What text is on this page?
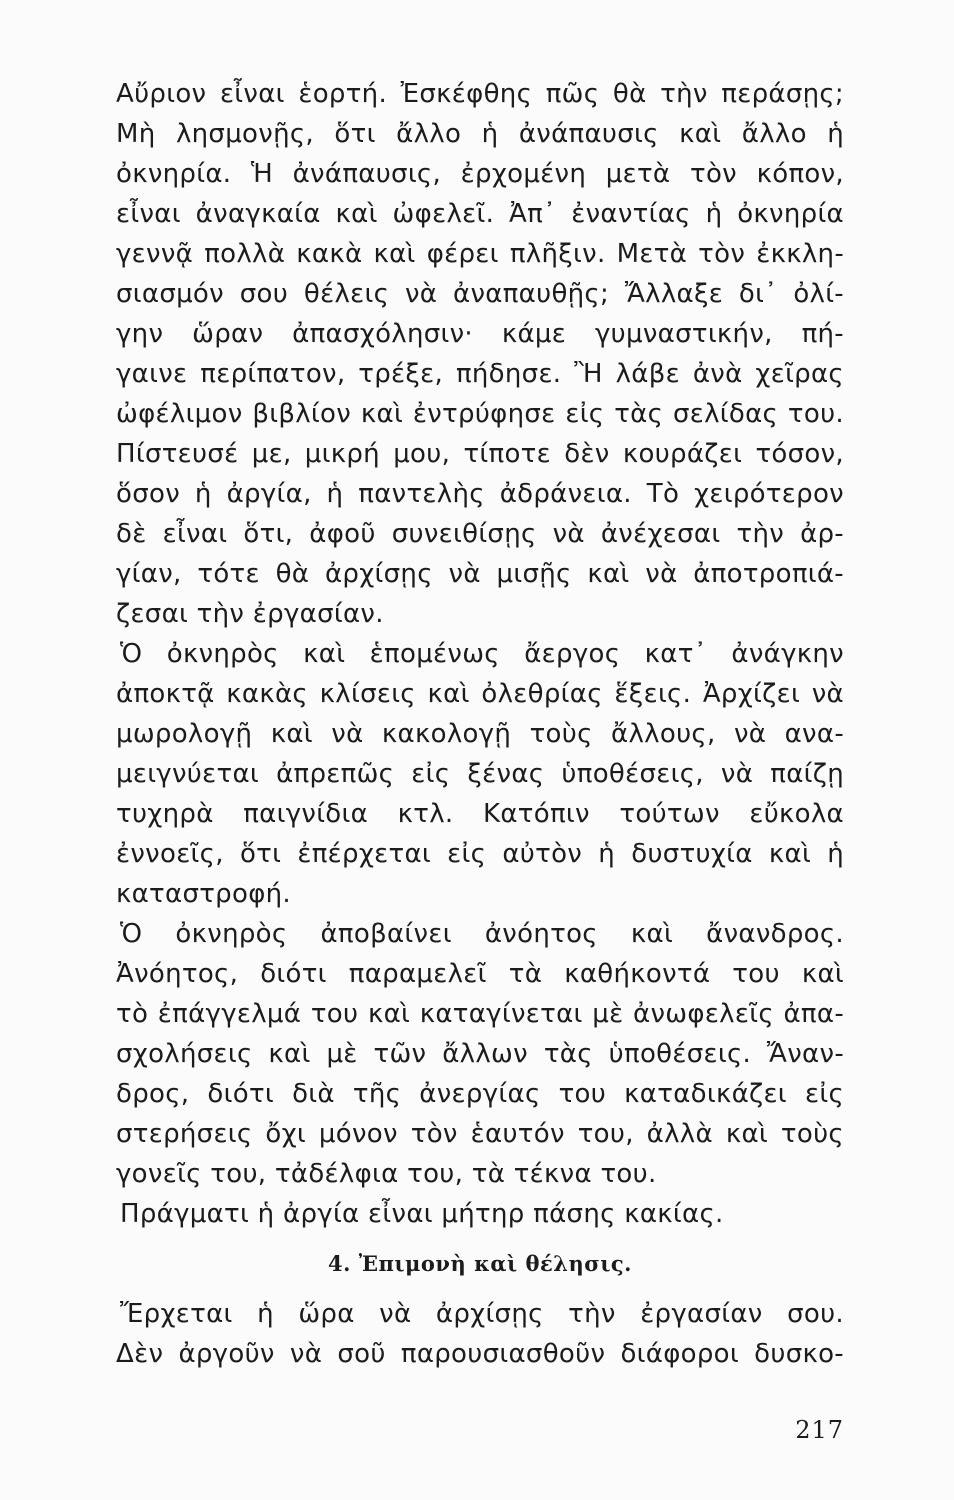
Αὔριον εἶναι ἑορτή. Ἐσκέφθης πῶς θὰ τὴν περάσῃς;
Μὴ λησμονῇς, ὅτι ἄλλο ἡ ἀνάπαυσις καὶ ἄλλο ἡ
ὀκνηρία. Ἡ ἀνάπαυσις, ἐρχομένη μετὰ τὸν κόπον,
εἶναι ἀναγκαία καὶ ὠφελεῖ. Ἀπ᾽ ἐναντίας ἡ ὀκνηρία
γεννᾷ πολλὰ κακὰ καὶ φέρει πλῆξιν. Μετὰ τὸν ἐκκλη-
σιασμόν σου θέλεις νὰ ἀναπαυθῇς; Ἄλλαξε δι᾽ ὀλί-
γην ὥραν ἀπασχόλησιν· κάμε γυμναστικήν, πή-
γαινε περίπατον, τρέξε, πήδησε. Ἢ λάβε ἀνὰ χεῖρας
ὠφέλιμον βιβλίον καὶ ἐντρύφησε εἰς τὰς σελίδας του.
Πίστευσέ με, μικρή μου, τίποτε δὲν κουράζει τόσον,
ὅσον ἡ ἀργία, ἡ παντελὴς ἀδράνεια. Τὸ χειρότερον
δὲ εἶναι ὅτι, ἀφοῦ συνειθίσῃς νὰ ἀνέχεσαι τὴν ἀρ-
γίαν, τότε θὰ ἀρχίσῃς νὰ μισῇς καὶ νὰ ἀποτροπιά-
ζεσαι τὴν ἐργασίαν.
Ὁ ὀκνηρὸς καὶ ἑπομένως ἄεργος κατ᾽ ἀνάγκην
ἀποκτᾷ κακὰς κλίσεις καὶ ὀλεθρίας ἕξεις. Ἀρχίζει νὰ
μωρολογῇ καὶ νὰ κακολογῇ τοὺς ἄλλους, νὰ ανα-
μειγνύεται ἀπρεπῶς εἰς ξένας ὑποθέσεις, νὰ παίζῃ
τυχηρὰ παιγνίδια κτλ. Κατόπιν τούτων εὔκολα
ἐννοεῖς, ὅτι ἐπέρχεται εἰς αὐτὸν ἡ δυστυχία καὶ ἡ
καταστροφή.
Ὁ ὀκνηρὸς ἀποβαίνει ἀνόητος καὶ ἄνανδρος.
Ἀνόητος, διότι παραμελεῖ τὰ καθήκοντά του καὶ
τὸ ἐπάγγελμά του καὶ καταγίνεται μὲ ἀνωφελεῖς ἀπα-
σχολήσεις καὶ μὲ τῶν ἄλλων τὰς ὑποθέσεις. Ἄναν-
δρος, διότι διὰ τῆς ἀνεργίας του καταδικάζει εἰς
στερήσεις ὄχι μόνον τὸν ἑαυτόν του, ἀλλὰ καὶ τοὺς
γονεῖς του, τἀδέλφια του, τὰ τέκνα του.
Πράγματι ἡ ἀργία εἶναι μήτηρ πάσης κακίας.
4. Ἐπιμονὴ καὶ θέλησις.
Ἔρχεται ἡ ὥρα νὰ ἀρχίσῃς τὴν ἐργασίαν σου.
Δὲν ἀργοῦν νὰ σοῦ παρουσιασθοῦν διάφοροι δυσκο-
217
